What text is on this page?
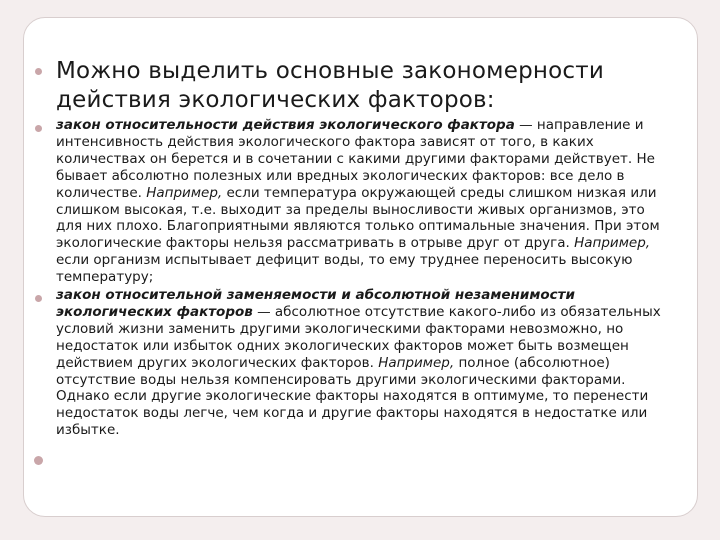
Можно выделить основные закономерности действия экологических факторов:

закон относительности действия экологического фактора — направление и интенсивность действия экологического фактора зависят от того, в каких количествах он берется и в сочетании с какими другими факторами действует. Не бывает абсолютно полезных или вредных экологических факторов: все дело в количестве. Например, если температура окружающей среды слишком низкая или слишком высокая, т.е. выходит за пределы выносливости живых организмов, это для них плохо. Благоприятными являются только оптимальные значения. При этом экологические факторы нельзя рассматривать в отрыве друг от друга. Например, если организм испытывает дефицит воды, то ему труднее переносить высокую температуру;

закон относительной заменяемости и абсолютной незаменимости экологических факторов — абсолютное отсутствие какого-либо из обязательных условий жизни заменить другими экологическими факторами невозможно, но недостаток или избыток одних экологических факторов может быть возмещен действием других экологических факторов. Например, полное (абсолютное) отсутствие воды нельзя компенсировать другими экологическими факторами. Однако если другие экологические факторы находятся в оптимуме, то перенести недостаток воды легче, чем когда и другие факторы находятся в недостатке или избытке.
